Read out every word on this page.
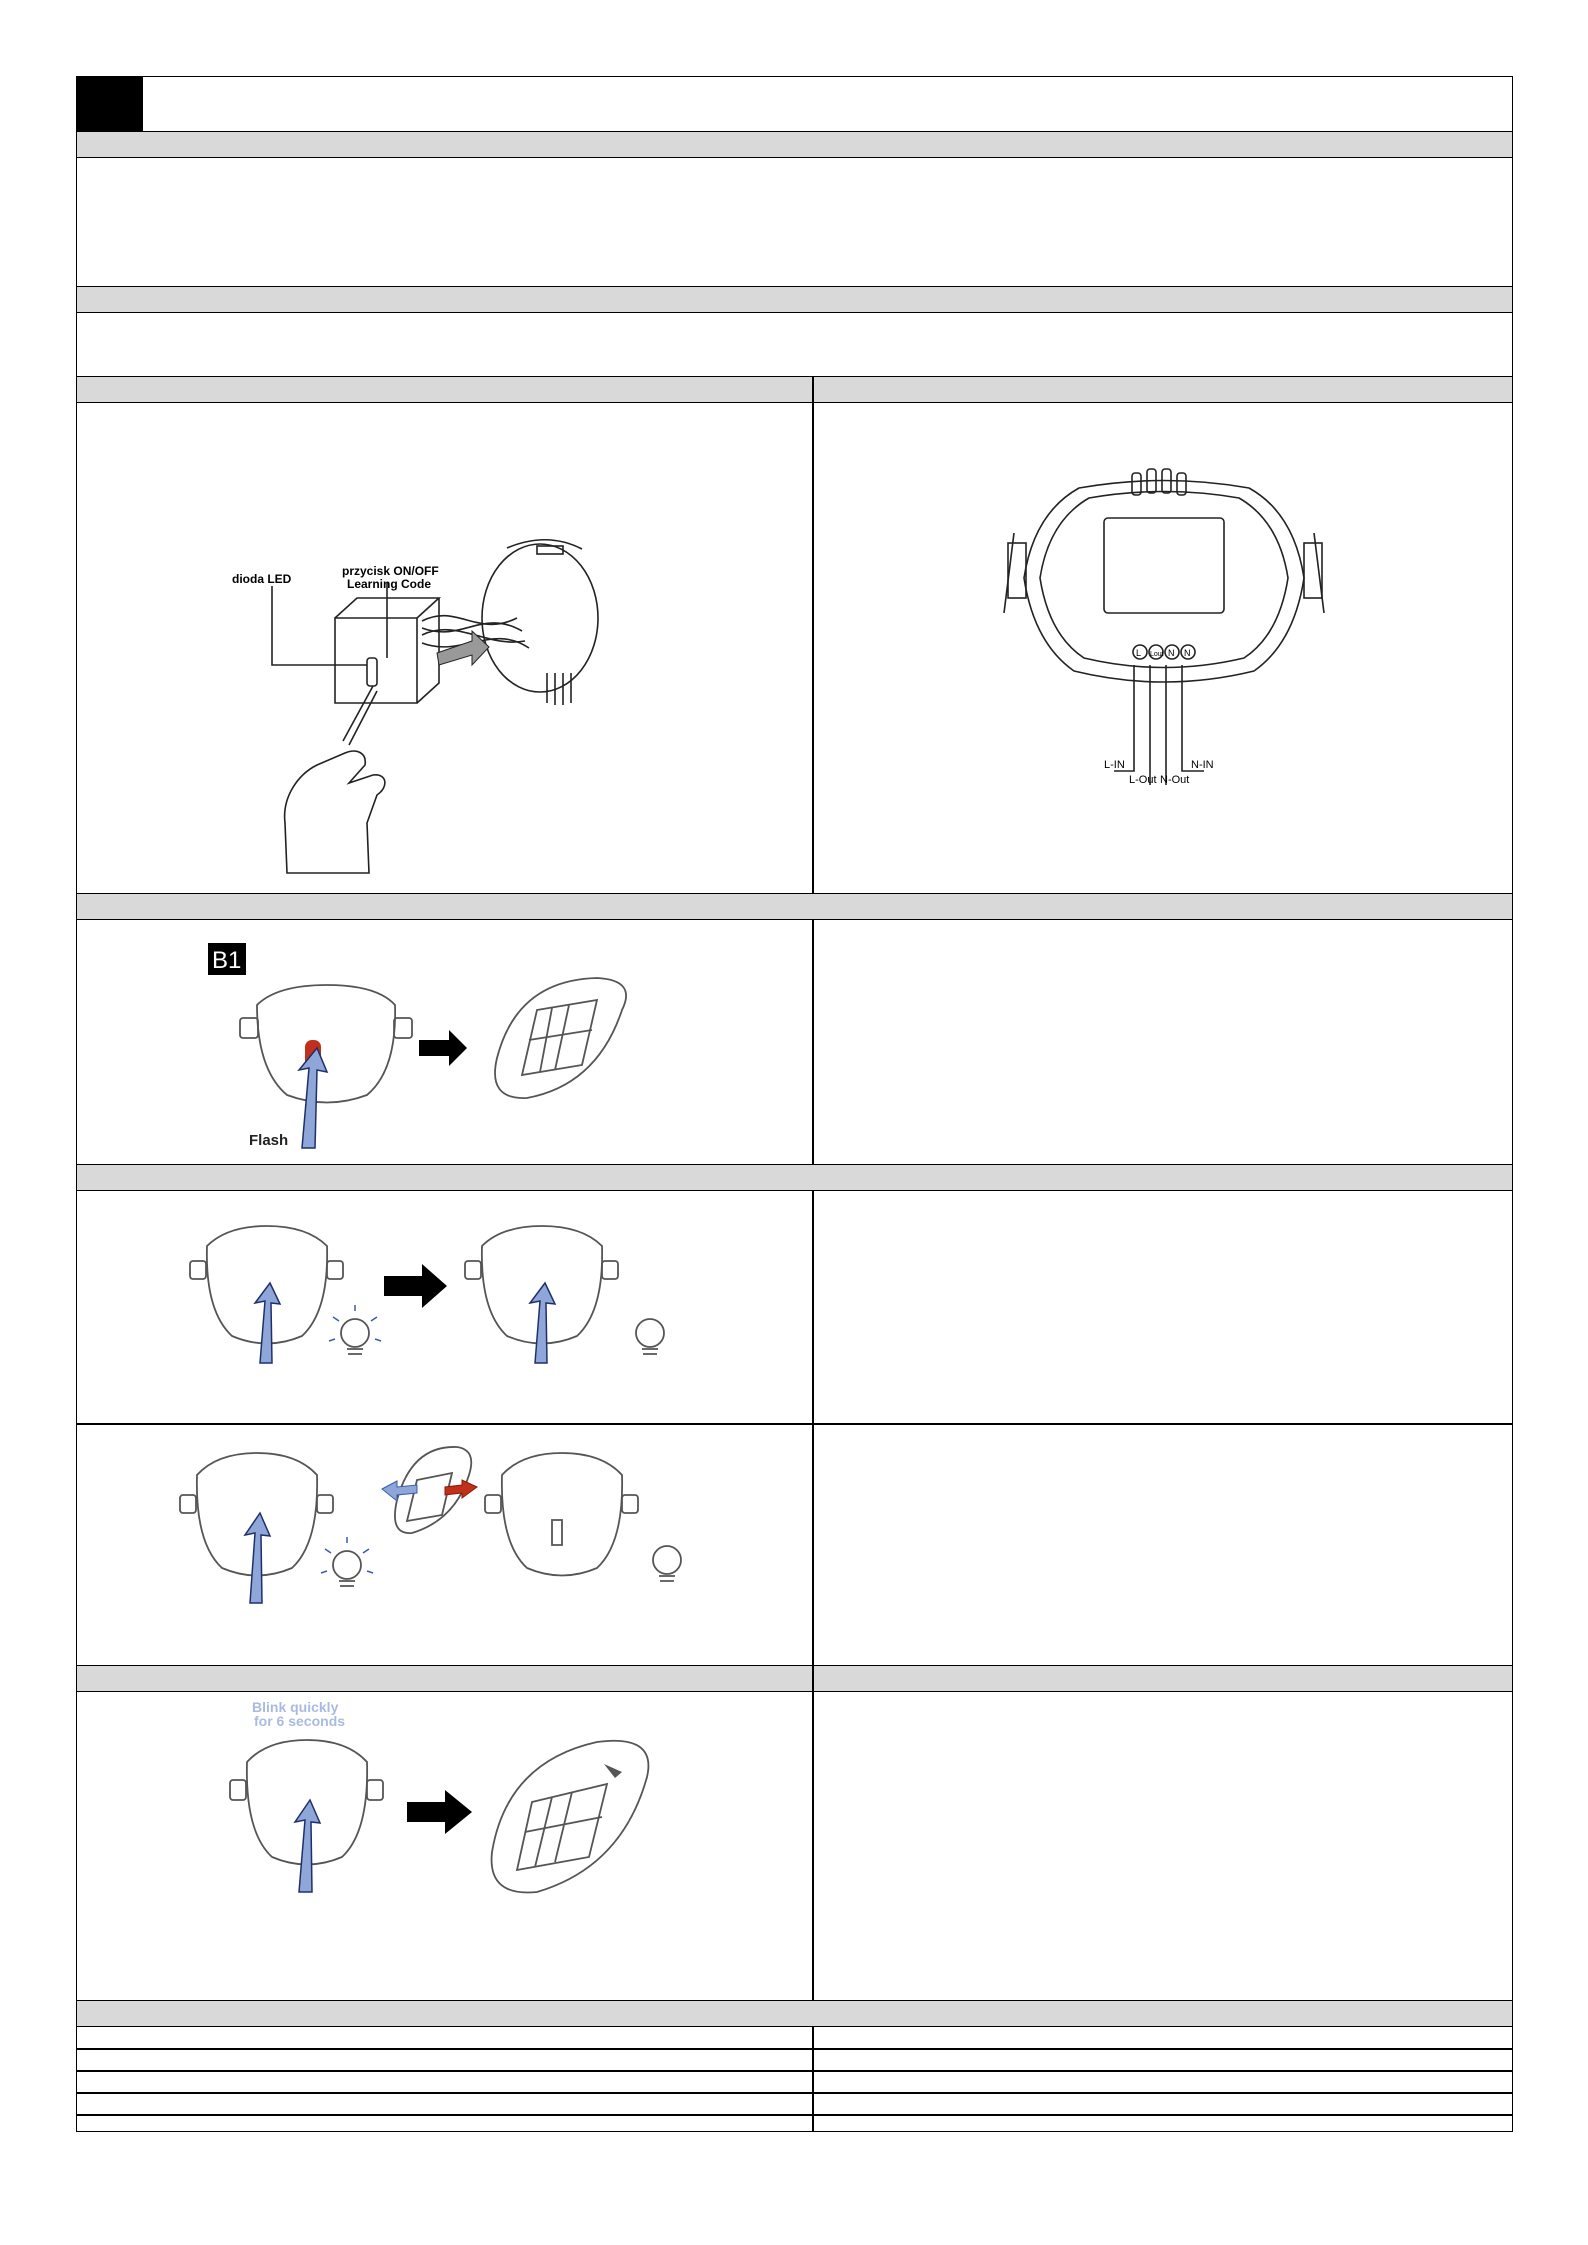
dioda LED
przycisk ON/OFF
Learning Code
L-IN
L-Out N-Out
N-IN
L Lout N N
B1
Flash
Blink quickly
for 6 seconds
